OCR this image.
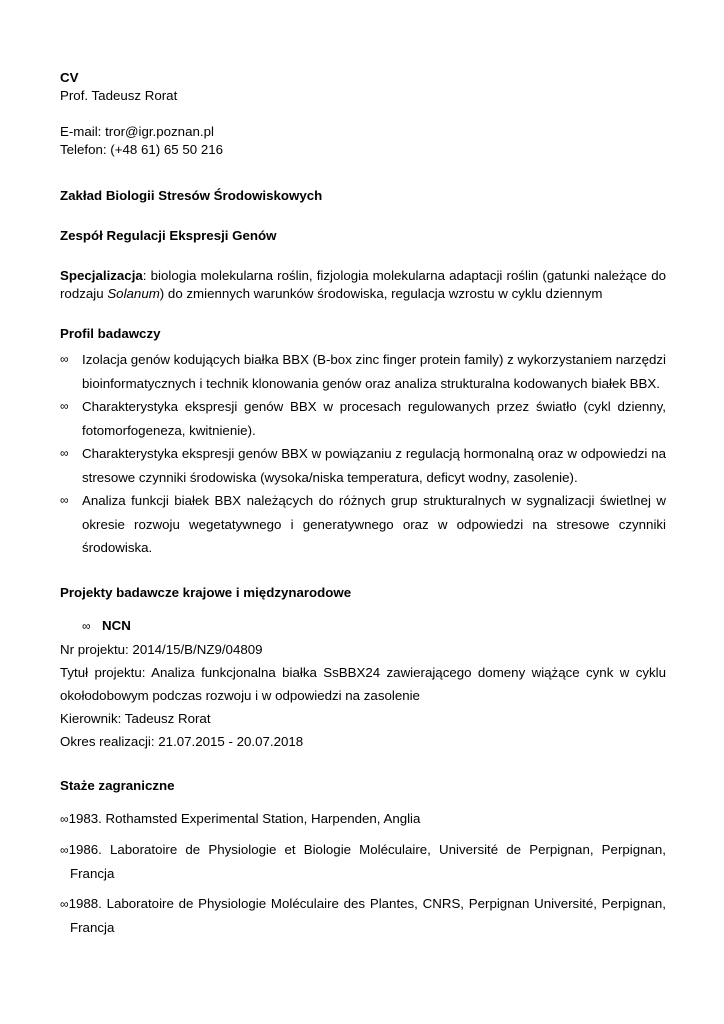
CV

Prof. Tadeusz Rorat

E-mail: tror@igr.poznan.pl

Telefon: (+48 61) 65 50 216

Zakład Biologii Stresów Środowiskowych

Zespół Regulacji Ekspresji Genów

Specjalizacja: biologia molekularna roślin, fizjologia molekularna adaptacji roślin (gatunki należące do rodzaju Solanum) do zmiennych warunków środowiska, regulacja wzrostu w cyklu dziennym

Profil badawczy

∞ Izolacja genów kodujących białka BBX (B-box zinc finger protein family) z wykorzystaniem narzędzi bioinformatycznych i technik klonowania genów oraz analiza strukturalna kodowanych białek BBX.
∞ Charakterystyka ekspresji genów BBX w procesach regulowanych przez światło (cykl dzienny, fotomorfogeneza, kwitnienie).
∞ Charakterystyka ekspresji genów BBX w powiązaniu z regulacją hormonalną oraz w odpowiedzi na stresowe czynniki środowiska (wysoka/niska temperatura, deficyt wodny, zasolenie).
∞ Analiza funkcji białek BBX należących do różnych grup strukturalnych w sygnalizacji świetlnej w okresie rozwoju wegetatywnego i generatywnego oraz w odpowiedzi na stresowe czynniki środowiska.

Projekty badawcze krajowe i międzynarodowe

∞ NCN

Nr projektu: 2014/15/B/NZ9/04809

Tytuł projektu: Analiza funkcjonalna białka SsBBX24 zawierającego domeny wiążące cynk w cyklu okołodobowym podczas rozwoju i w odpowiedzi na zasolenie

Kierownik: Tadeusz Rorat

Okres realizacji: 21.07.2015 - 20.07.2018

Staże zagraniczne

∞1983. Rothamsted Experimental Station, Harpenden, Anglia
∞1986. Laboratoire de Physiologie et Biologie Moléculaire, Université de Perpignan, Perpignan, Francja
∞1988. Laboratoire de Physiologie Moléculaire des Plantes, CNRS, Perpignan Université, Perpignan, Francja
